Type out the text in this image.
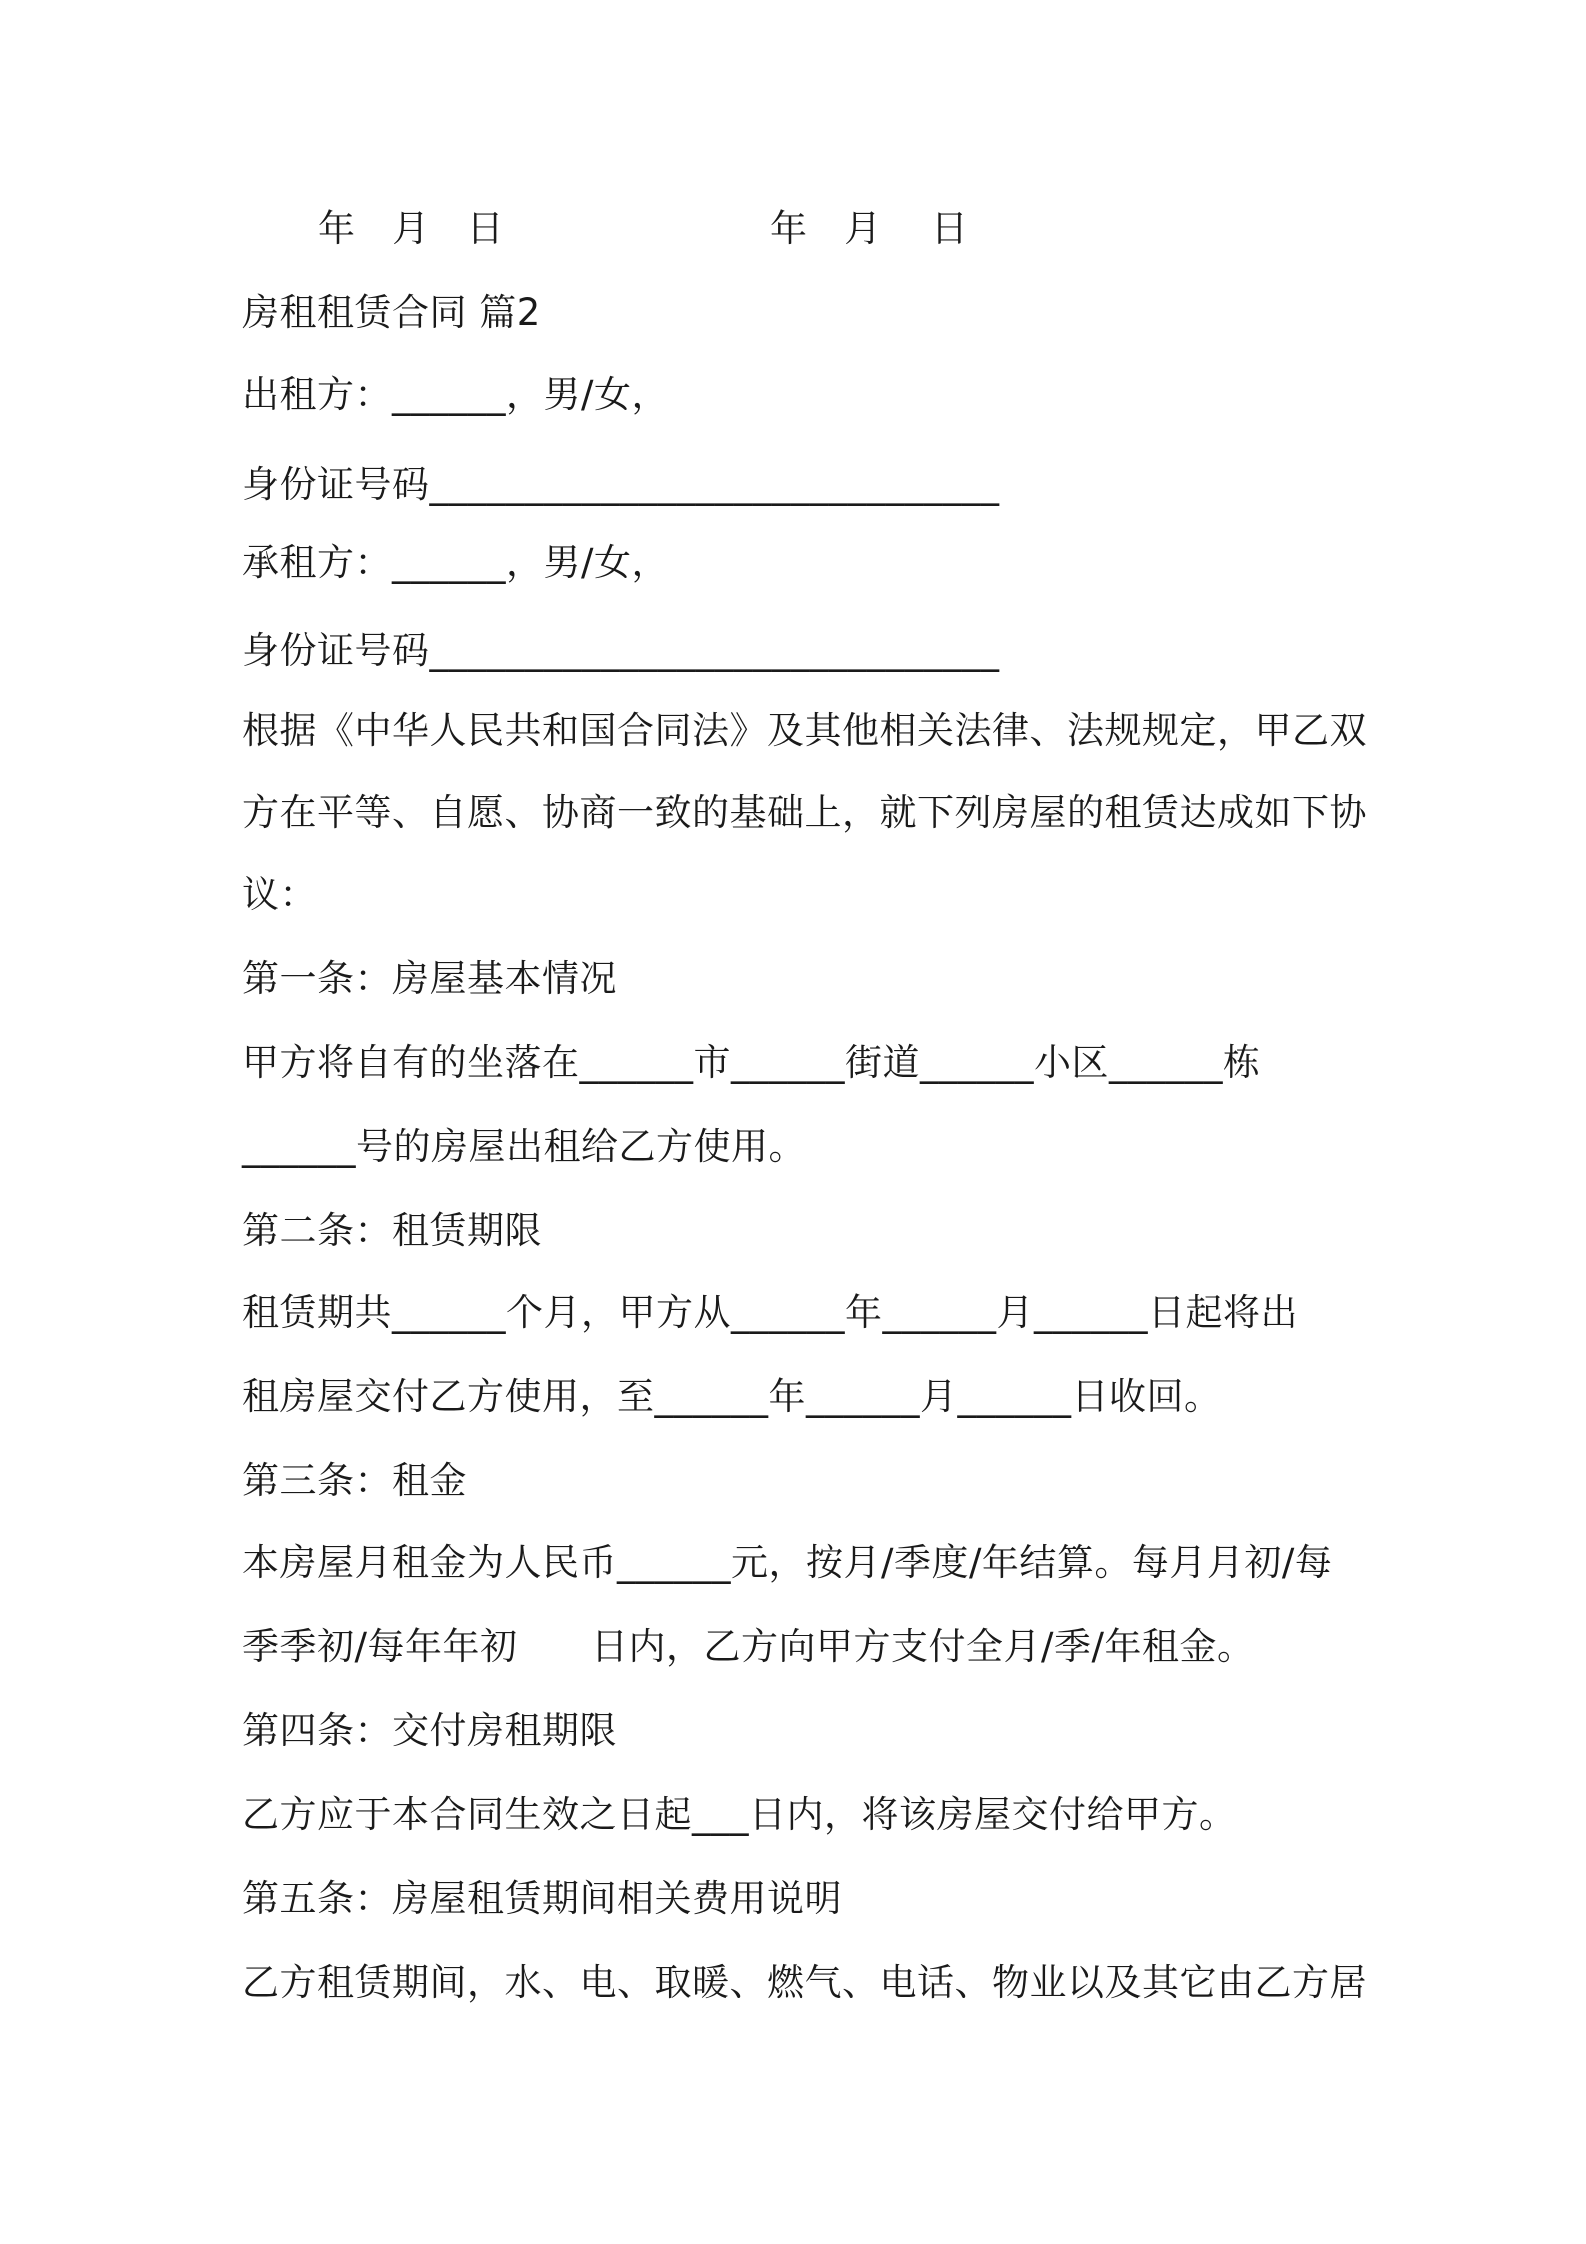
年   月   日	年   月    日
房租租赁合同 篇2
出租方：______，男/女，
身份证号码______________________________
承租方：______，男/女，
身份证号码______________________________
根据《中华人民共和国合同法》及其他相关法律、法规规定，甲乙双
方在平等、自愿、协商一致的基础上，就下列房屋的租赁达成如下协
议：
第一条：房屋基本情况
甲方将自有的坐落在______市______街道______小区______栋
______号的房屋出租给乙方使用。
第二条：租赁期限
租赁期共______个月，甲方从______年______月______日起将出
租房屋交付乙方使用，至______年______月______日收回。
第三条：租金
本房屋月租金为人民币______元，按月/季度/年结算。每月月初/每
季季初/每年年初      日内，乙方向甲方支付全月/季/年租金。
第四条：交付房租期限
乙方应于本合同生效之日起___日内，将该房屋交付给甲方。
第五条：房屋租赁期间相关费用说明
乙方租赁期间，水、电、取暖、燃气、电话、物业以及其它由乙方居
